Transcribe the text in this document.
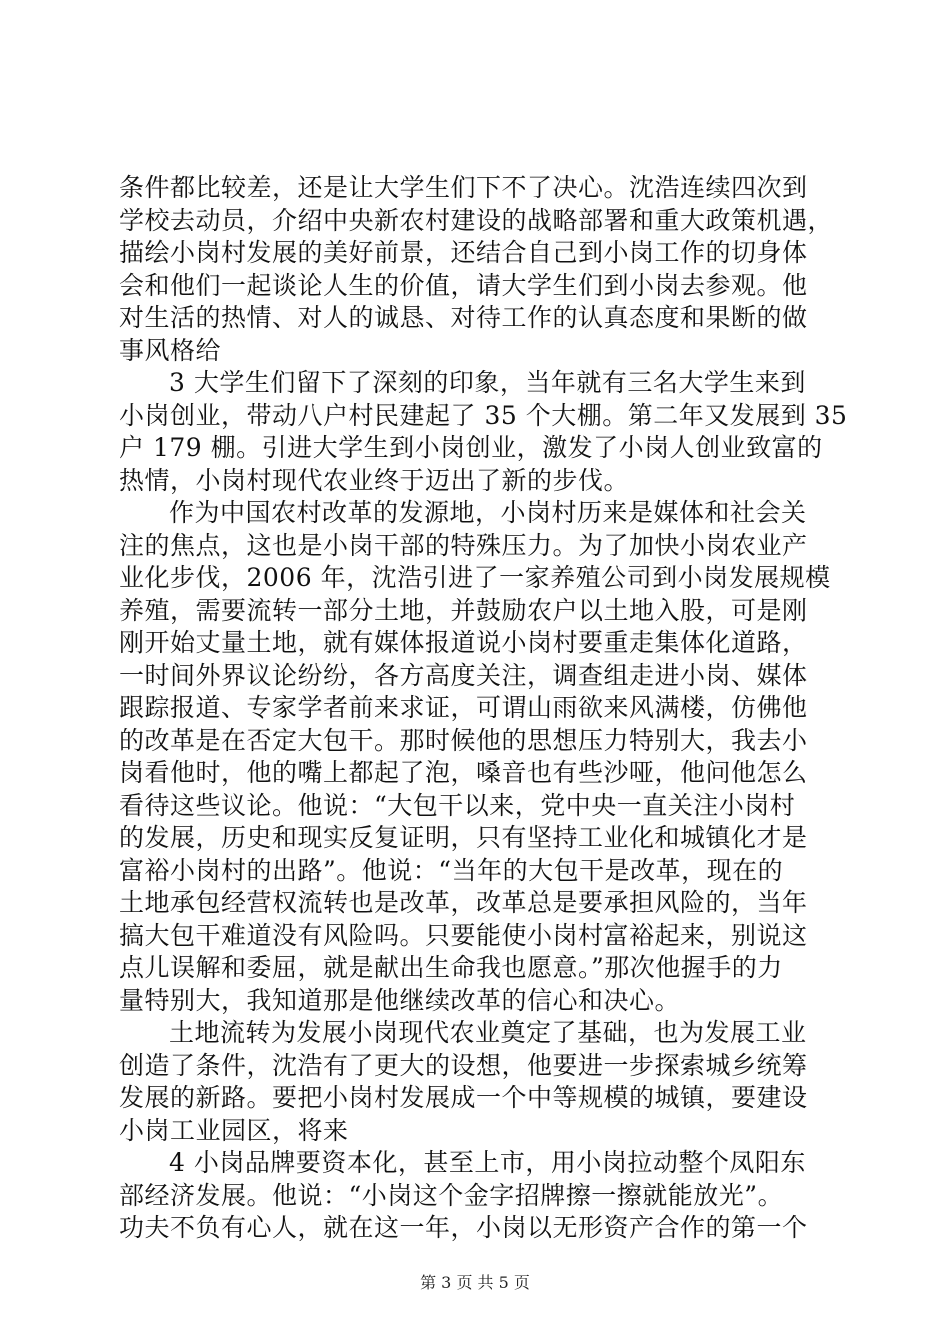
条件都比较差，还是让大学生们下不了决心。沈浩连续四次到
学校去动员，介绍中央新农村建设的战略部署和重大政策机遇，
描绘小岗村发展的美好前景，还结合自己到小岗工作的切身体
会和他们一起谈论人生的价值，请大学生们到小岗去参观。他
对生活的热情、对人的诚恳、对待工作的认真态度和果断的做
事风格给
3 大学生们留下了深刻的印象，当年就有三名大学生来到
小岗创业，带动八户村民建起了 35 个大棚。第二年又发展到 35
户 179 棚。引进大学生到小岗创业，激发了小岗人创业致富的
热情，小岗村现代农业终于迈出了新的步伐。
作为中国农村改革的发源地，小岗村历来是媒体和社会关
注的焦点，这也是小岗干部的特殊压力。为了加快小岗农业产
业化步伐，2006 年，沈浩引进了一家养殖公司到小岗发展规模
养殖，需要流转一部分土地，并鼓励农户以土地入股，可是刚
刚开始丈量土地，就有媒体报道说小岗村要重走集体化道路，
一时间外界议论纷纷，各方高度关注，调查组走进小岗、媒体
跟踪报道、专家学者前来求证，可谓山雨欲来风满楼，仿佛他
的改革是在否定大包干。那时候他的思想压力特别大，我去小
岗看他时，他的嘴上都起了泡，嗓音也有些沙哑，他问他怎么
看待这些议论。他说：“大包干以来，党中央一直关注小岗村
的发展，历史和现实反复证明，只有坚持工业化和城镇化才是
富裕小岗村的出路”。他说：“当年的大包干是改革，现在的
土地承包经营权流转也是改革，改革总是要承担风险的，当年
搞大包干难道没有风险吗。只要能使小岗村富裕起来，别说这
点儿误解和委屈，就是献出生命我也愿意。”那次他握手的力
量特别大，我知道那是他继续改革的信心和决心。
土地流转为发展小岗现代农业奠定了基础，也为发展工业
创造了条件，沈浩有了更大的设想，他要进一步探索城乡统筹
发展的新路。要把小岗村发展成一个中等规模的城镇，要建设
小岗工业园区，将来
4 小岗品牌要资本化，甚至上市，用小岗拉动整个凤阳东
部经济发展。他说：“小岗这个金字招牌擦一擦就能放光”。
功夫不负有心人，就在这一年，小岗以无形资产合作的第一个
第 3 页 共 5 页
